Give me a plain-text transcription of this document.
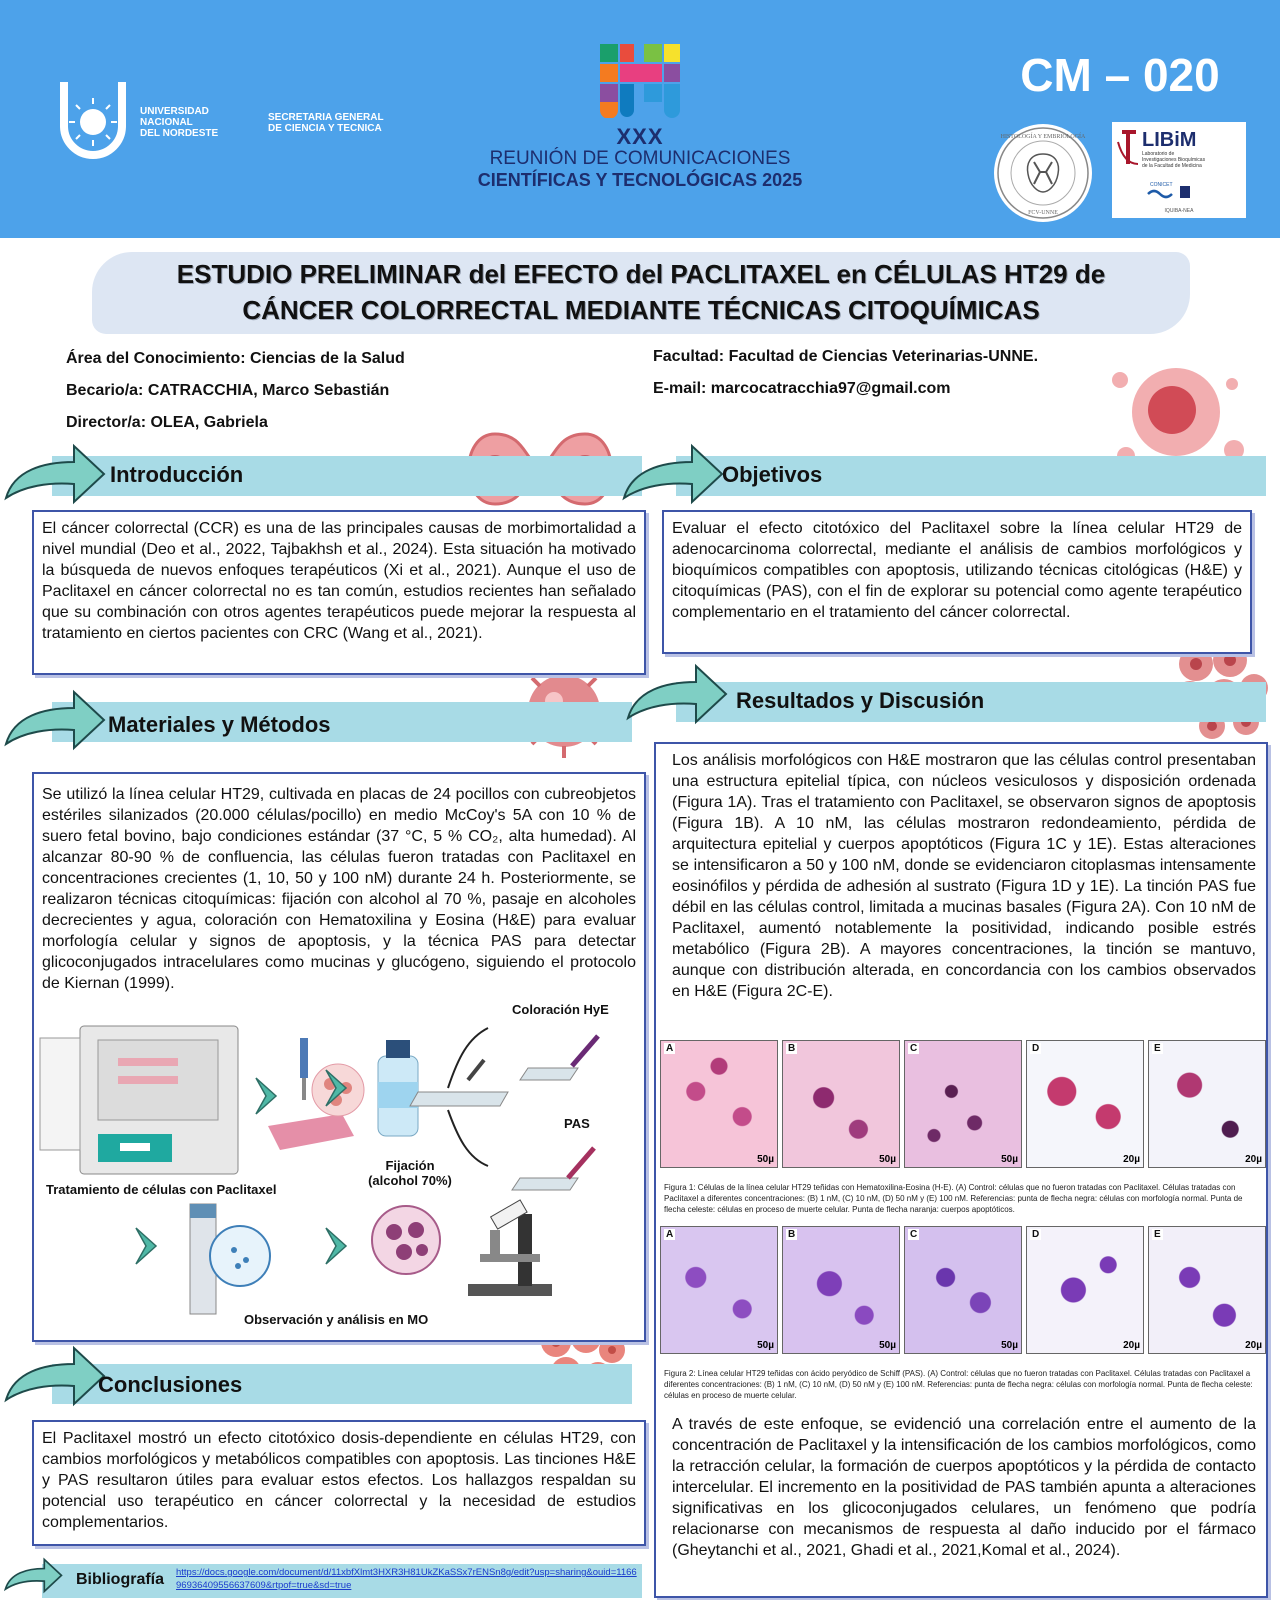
UNIVERSIDAD
NACIONAL
DEL NORDESTE
SECRETARIA GENERAL
DE CIENCIA Y TECNICA	XXX
REUNIÓN DE COMUNICACIONES
CIENTÍFICAS Y TECNOLÓGICAS 2025
CM – 020
HISTOLOGÍA Y EMBRIOLOGÍA
FCV-UNNE
LIBiM
Laboratorio de
Investigaciones Bioquímicas
de la Facultad de Medicina
CONICET
IQUIBA-NEA
ESTUDIO PRELIMINAR del EFECTO del PACLITAXEL en CÉLULAS HT29 de
CÁNCER COLORRECTAL MEDIANTE TÉCNICAS CITOQUÍMICAS
Área del Conocimiento: Ciencias de la Salud
Becario/a: CATRACCHIA, Marco Sebastián
Director/a: OLEA, Gabriela
Facultad: Facultad de Ciencias Veterinarias-UNNE.
E-mail: marcocatracchia97@gmail.com
Introducción
El cáncer colorrectal (CCR) es una de las principales causas de morbimortalidad a nivel mundial (Deo et al., 2022, Tajbakhsh et al., 2024). Esta situación ha motivado la búsqueda de nuevos enfoques terapéuticos (Xi et al., 2021). Aunque el uso de Paclitaxel en cáncer colorrectal no es tan común, estudios recientes han señalado que su combinación con otros agentes terapéuticos puede mejorar la respuesta al tratamiento en ciertos pacientes con CRC (Wang et al., 2021).
Objetivos
Evaluar el efecto citotóxico del Paclitaxel sobre la línea celular HT29 de adenocarcinoma colorrectal, mediante el análisis de cambios morfológicos y bioquímicos compatibles con apoptosis, utilizando técnicas citológicas (H&E) y citoquímicas (PAS), con el fin de explorar su potencial como agente terapéutico complementario en el tratamiento del cáncer colorrectal.
Materiales y Métodos
Se utilizó la línea celular HT29, cultivada en placas de 24 pocillos con cubreobjetos estériles silanizados (20.000 células/pocillo) en medio McCoy's 5A con 10 % de suero fetal bovino, bajo condiciones estándar (37 °C, 5 % CO₂, alta humedad). Al alcanzar 80-90 % de confluencia, las células fueron tratadas con Paclitaxel en concentraciones crecientes (1, 10, 50 y 100 nM) durante 24 h. Posteriormente, se realizaron técnicas citoquímicas: fijación con alcohol al 70 %, pasaje en alcoholes decrecientes y agua, coloración con Hematoxilina y Eosina (H&E) para evaluar morfología celular y signos de apoptosis, y la técnica PAS para detectar glicoconjugados intracelulares como mucinas y glucógeno, siguiendo el protocolo de Kiernan (1999).
Coloración HyE
PAS
Fijación
(alcohol 70%)
Tratamiento de células con Paclitaxel
Observación y análisis en MO
Resultados y Discusión
Los análisis morfológicos con H&E mostraron que las células control presentaban una estructura epitelial típica, con núcleos vesiculosos y disposición ordenada (Figura 1A). Tras el tratamiento con Paclitaxel, se observaron signos de apoptosis (Figura 1B). A 10 nM, las células mostraron redondeamiento, pérdida de arquitectura epitelial y cuerpos apoptóticos (Figura 1C y 1E). Estas alteraciones se intensificaron a 50 y 100 nM, donde se evidenciaron citoplasmas intensamente eosinófilos y pérdida de adhesión al sustrato (Figura 1D y 1E). La tinción PAS fue débil en las células control, limitada a mucinas basales (Figura 2A). Con 10 nM de Paclitaxel, aumentó notablemente la positividad, indicando posible estrés metabólico (Figura 2B). A mayores concentraciones, la tinción se mantuvo, aunque con distribución alterada, en concordancia con los cambios observados en H&E (Figura 2C-E).
A
50µ
B
50µ
C
50µ
D
20µ
E
20µ
Figura 1: Células de la línea celular HT29 teñidas con Hematoxilina-Eosina (H-E). (A) Control: células que no fueron tratadas con Paclitaxel. Células tratadas con Paclitaxel a diferentes concentraciones: (B) 1 nM, (C) 10 nM, (D) 50 nM y (E) 100 nM. Referencias: punta de flecha negra: células con morfología normal. Punta de flecha celeste: células en proceso de muerte celular. Punta de flecha naranja: cuerpos apoptóticos.
A
50µ
B
50µ
C
50µ
D
20µ
E
20µ
Figura 2: Línea celular HT29 teñidas con ácido peryódico de Schiff (PAS). (A) Control: células que no fueron tratadas con Paclitaxel. Células tratadas con Paclitaxel a diferentes concentraciones: (B) 1 nM, (C) 10 nM, (D) 50 nM y (E) 100 nM. Referencias: punta de flecha negra: células con morfología normal. Punta de flecha celeste: células en proceso de muerte celular.
A través de este enfoque, se evidenció una correlación entre el aumento de la concentración de Paclitaxel y la intensificación de los cambios morfológicos, como la retracción celular, la formación de cuerpos apoptóticos y la pérdida de contacto intercelular. El incremento en la positividad de PAS también apunta a alteraciones significativas en los glicoconjugados celulares, un fenómeno que podría relacionarse con mecanismos de respuesta al daño inducido por el fármaco (Gheytanchi et al., 2021, Ghadi et al., 2021,Komal et al., 2024).
Conclusiones
El Paclitaxel mostró un efecto citotóxico dosis-dependiente en células HT29, con cambios morfológicos y metabólicos compatibles con apoptosis. Las tinciones H&E y PAS resultaron útiles para evaluar estos efectos. Los hallazgos respaldan su potencial uso terapéutico en cáncer colorrectal y la necesidad de estudios complementarios.
Bibliografía https://docs.google.com/document/d/11xbfXlmt3HXR3H81UkZKaSSx7rENSn8g/edit?usp=sharing&ouid=116696936409556637609&rtpof=true&sd=true
